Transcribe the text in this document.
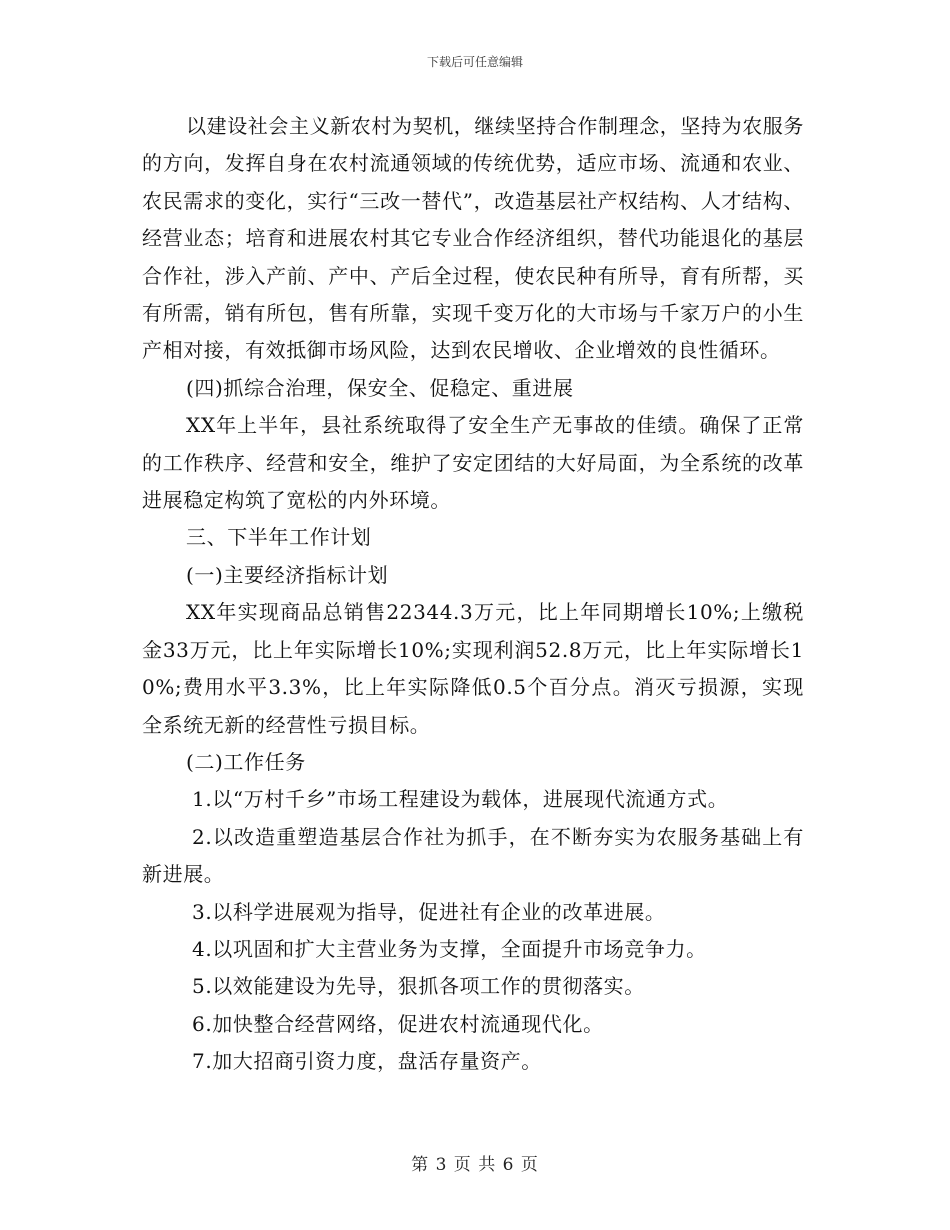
下载后可任意编辑

以建设社会主义新农村为契机，继续坚持合作制理念，坚持为农服务的方向，发挥自身在农村流通领域的传统优势，适应市场、流通和农业、农民需求的变化，实行“三改一替代”，改造基层社产权结构、人才结构、经营业态；培育和进展农村其它专业合作经济组织，替代功能退化的基层合作社，涉入产前、产中、产后全过程，使农民种有所导，育有所帮，买有所需，销有所包，售有所靠，实现千变万化的大市场与千家万户的小生产相对接，有效抵御市场风险，达到农民增收、企业增效的良性循环。

(四)抓综合治理，保安全、促稳定、重进展

XX年上半年，县社系统取得了安全生产无事故的佳绩。确保了正常的工作秩序、经营和安全，维护了安定团结的大好局面，为全系统的改革进展稳定构筑了宽松的内外环境。

三、下半年工作计划

(一)主要经济指标计划

XX年实现商品总销售22344.3万元，比上年同期增长10%;上缴税金33万元，比上年实际增长10%;实现利润52.8万元，比上年实际增长10%;费用水平3.3%，比上年实际降低0.5个百分点。消灭亏损源，实现全系统无新的经营性亏损目标。

(二)工作任务

1.以“万村千乡”市场工程建设为载体，进展现代流通方式。

2.以改造重塑造基层合作社为抓手，在不断夯实为农服务基础上有新进展。

3.以科学进展观为指导，促进社有企业的改革进展。

4.以巩固和扩大主营业务为支撑，全面提升市场竞争力。

5.以效能建设为先导，狠抓各项工作的贯彻落实。

6.加快整合经营网络，促进农村流通现代化。

7.加大招商引资力度，盘活存量资产。

第 3 页 共 6 页
